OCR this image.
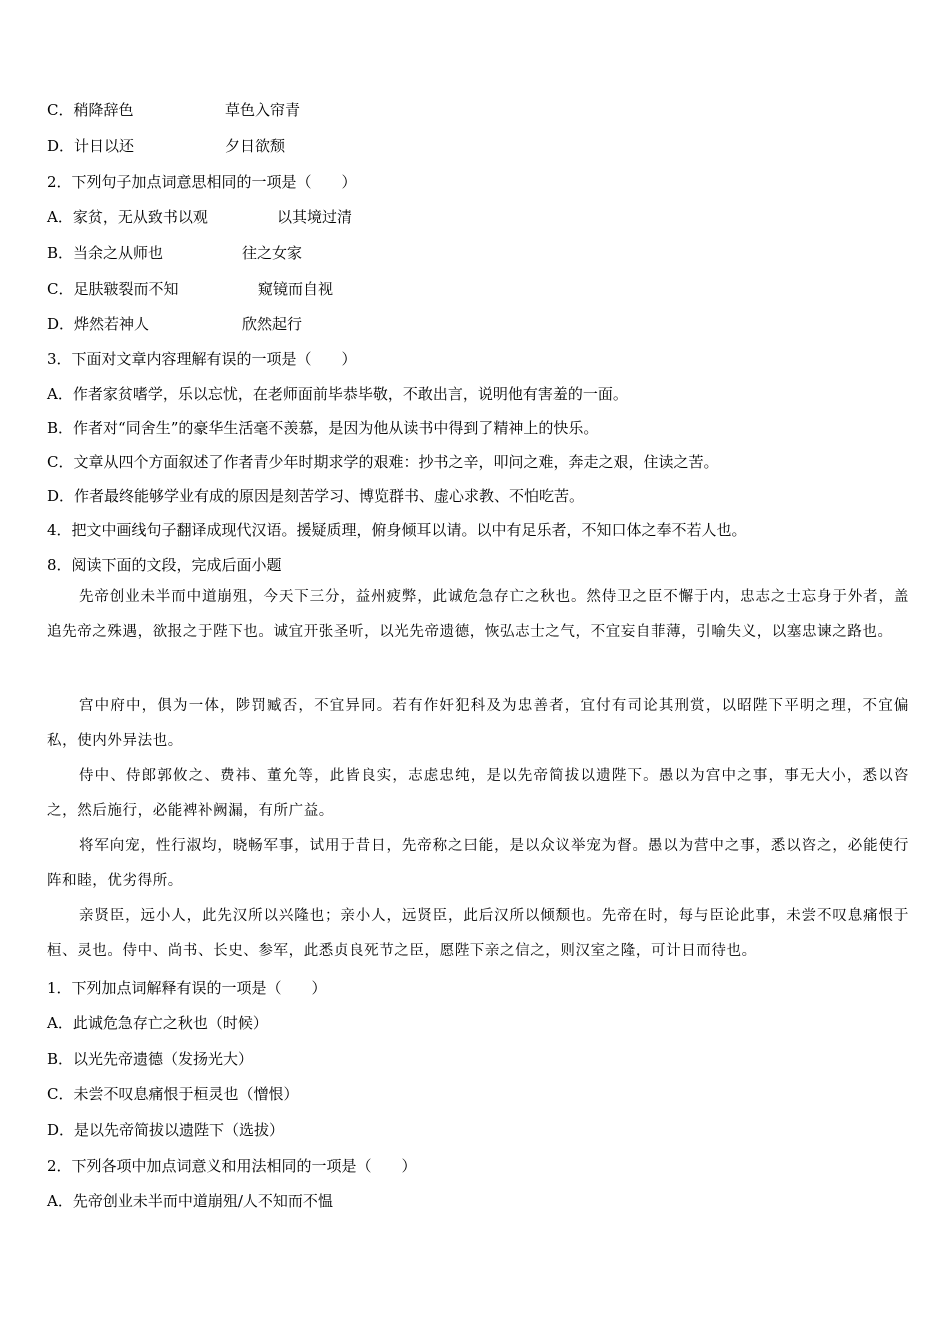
C．稍降辞色	草色入帘青
D．计日以还	夕日欲颓
2．下列句子加点词意思相同的一项是（　　）
A．家贫，无从致书以观	以其境过清
B．当余之从师也	往之女家
C．足肤皲裂而不知	窥镜而自视
D．烨然若神人	欣然起行
3．下面对文章内容理解有误的一项是（　　）
A．作者家贫嗜学，乐以忘忧，在老师面前毕恭毕敬，不敢出言，说明他有害羞的一面。
B．作者对“同舍生”的豪华生活毫不羡慕，是因为他从读书中得到了精神上的快乐。
C．文章从四个方面叙述了作者青少年时期求学的艰难：抄书之辛，叩问之难，奔走之艰，住读之苦。
D．作者最终能够学业有成的原因是刻苦学习、博览群书、虚心求教、不怕吃苦。
4．把文中画线句子翻译成现代汉语。援疑质理，俯身倾耳以请。以中有足乐者，不知口体之奉不若人也。
8．阅读下面的文段，完成后面小题
先帝创业未半而中道崩殂，今天下三分，益州疲弊，此诚危急存亡之秋也。然侍卫之臣不懈于内，忠志之士忘身于外者，盖追先帝之殊遇，欲报之于陛下也。诚宜开张圣听，以光先帝遗德，恢弘志士之气，不宜妄自菲薄，引喻失义，以塞忠谏之路也。
宫中府中，俱为一体，陟罚臧否，不宜异同。若有作奸犯科及为忠善者，宜付有司论其刑赏，以昭陛下平明之理，不宜偏私，使内外异法也。
侍中、侍郎郭攸之、费祎、董允等，此皆良实，志虑忠纯，是以先帝简拔以遗陛下。愚以为宫中之事，事无大小，悉以咨之，然后施行，必能裨补阙漏，有所广益。
将军向宠，性行淑均，晓畅军事，试用于昔日，先帝称之曰能，是以众议举宠为督。愚以为营中之事，悉以咨之，必能使行阵和睦，优劣得所。
亲贤臣，远小人，此先汉所以兴隆也；亲小人，远贤臣，此后汉所以倾颓也。先帝在时，每与臣论此事，未尝不叹息痛恨于桓、灵也。侍中、尚书、长史、参军，此悉贞良死节之臣，愿陛下亲之信之，则汉室之隆，可计日而待也。
1．下列加点词解释有误的一项是（　　）
A．此诚危急存亡之秋也（时候）
B．以光先帝遗德（发扬光大）
C．未尝不叹息痛恨于桓灵也（憎恨）
D．是以先帝简拔以遗陛下（选拔）
2．下列各项中加点词意义和用法相同的一项是（　　）
A．先帝创业未半而中道崩殂/人不知而不愠
